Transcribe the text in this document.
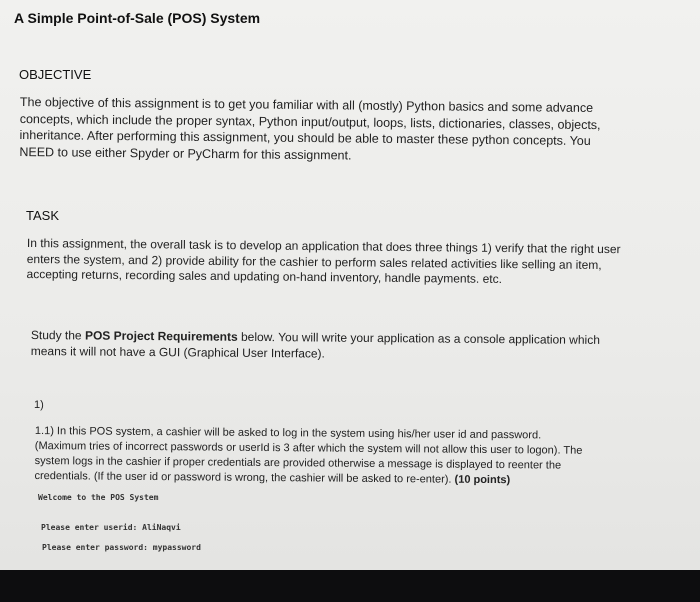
A Simple Point-of-Sale (POS) System
OBJECTIVE

The objective of this assignment is to get you familiar with all (mostly) Python basics and some advance concepts, which include the proper syntax, Python input/output, loops, lists, dictionaries, classes, objects, inheritance. After performing this assignment, you should be able to master these python concepts. You NEED to use either Spyder or PyCharm for this assignment.

TASK

In this assignment, the overall task is to develop an application that does three things 1) verify that the right user enters the system, and 2) provide ability for the cashier to perform sales related activities like selling an item, accepting returns, recording sales and updating on-hand inventory, handle payments. etc.

Study the POS Project Requirements below. You will write your application as a console application which means it will not have a GUI (Graphical User Interface).

1)

1.1) In this POS system, a cashier will be asked to log in the system using his/her user id and password. (Maximum tries of incorrect passwords or userId is 3 after which the system will not allow this user to logon). The system logs in the cashier if proper credentials are provided otherwise a message is displayed to reenter the credentials. (If the user id or password is wrong, the cashier will be asked to re-enter). (10 points)

Welcome to the POS System

Please enter userid: AliNaqvi

Please enter password: mypassword
